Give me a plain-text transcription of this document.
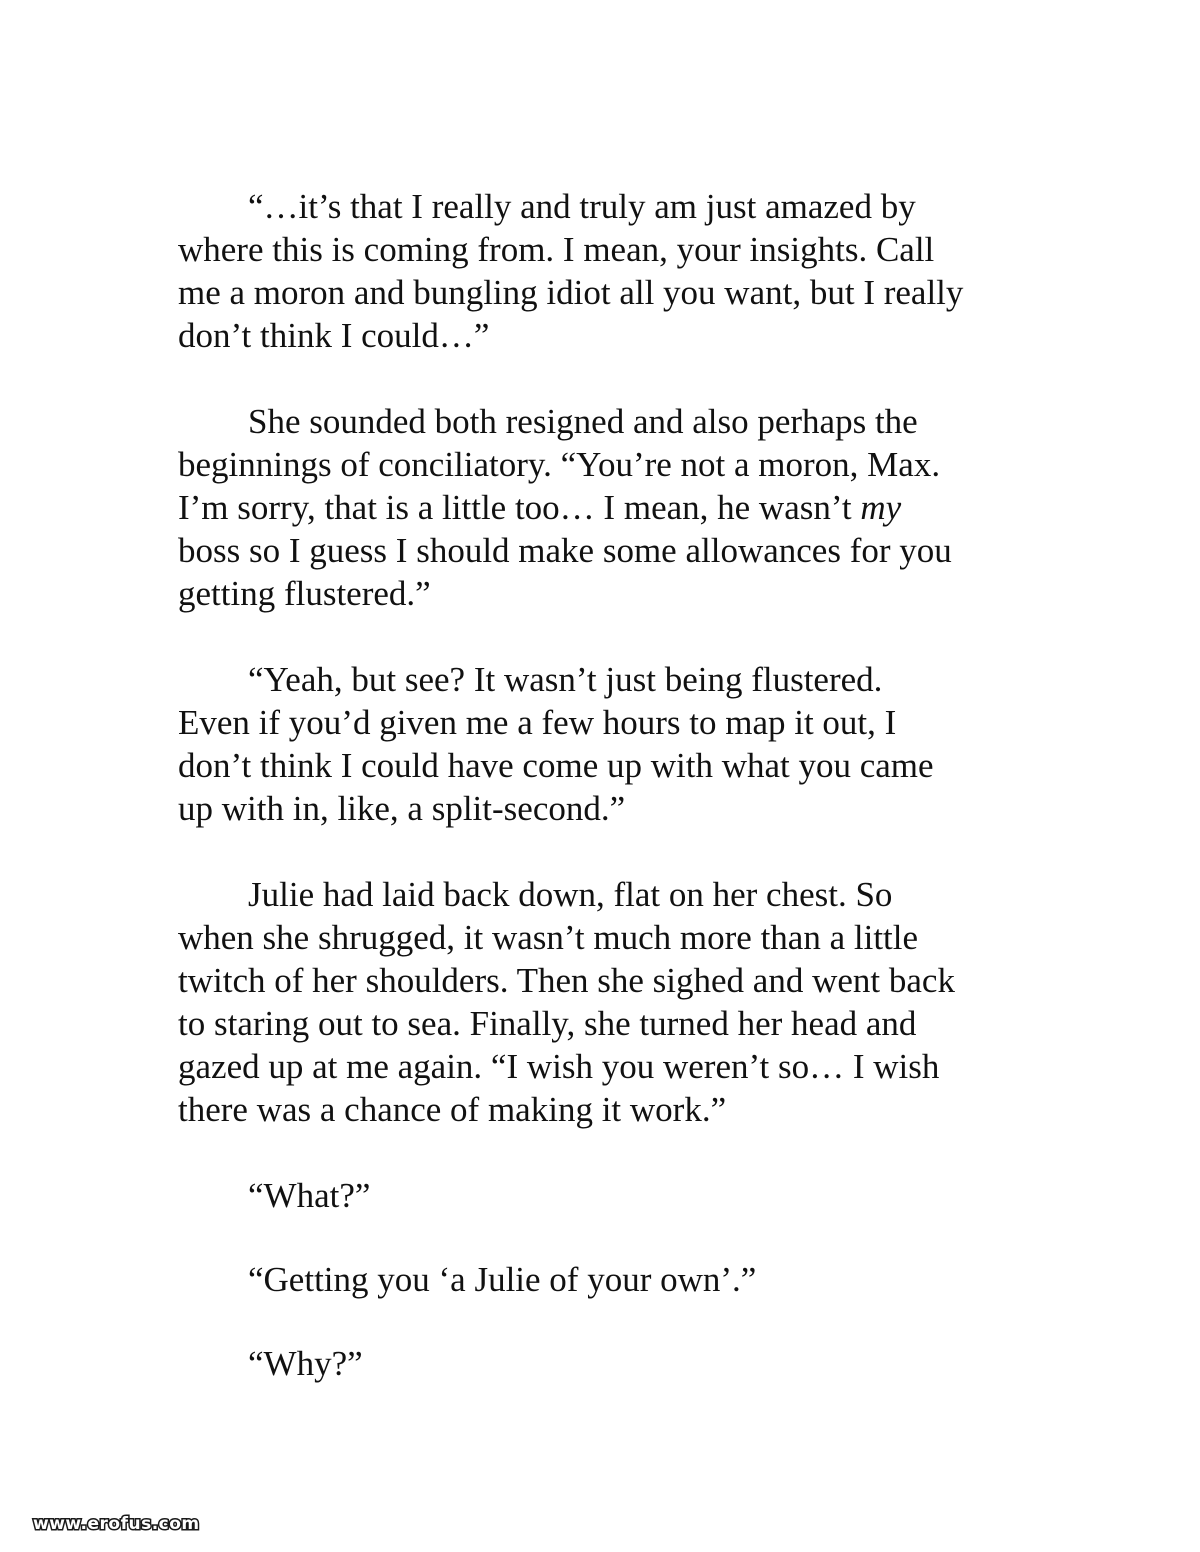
“…it’s that I really and truly am just amazed by
where this is coming from. I mean, your insights. Call
me a moron and bungling idiot all you want, but I really
don’t think I could…”
She sounded both resigned and also perhaps the
beginnings of conciliatory. “You’re not a moron, Max.
I’m sorry, that is a little too… I mean, he wasn’t my
boss so I guess I should make some allowances for you
getting flustered.”
“Yeah, but see? It wasn’t just being flustered.
Even if you’d given me a few hours to map it out, I
don’t think I could have come up with what you came
up with in, like, a split-second.”
Julie had laid back down, flat on her chest. So
when she shrugged, it wasn’t much more than a little
twitch of her shoulders. Then she sighed and went back
to staring out to sea. Finally, she turned her head and
gazed up at me again. “I wish you weren’t so… I wish
there was a chance of making it work.”
“What?”
“Getting you ‘a Julie of your own’.”
“Why?”
www.erofus.com
